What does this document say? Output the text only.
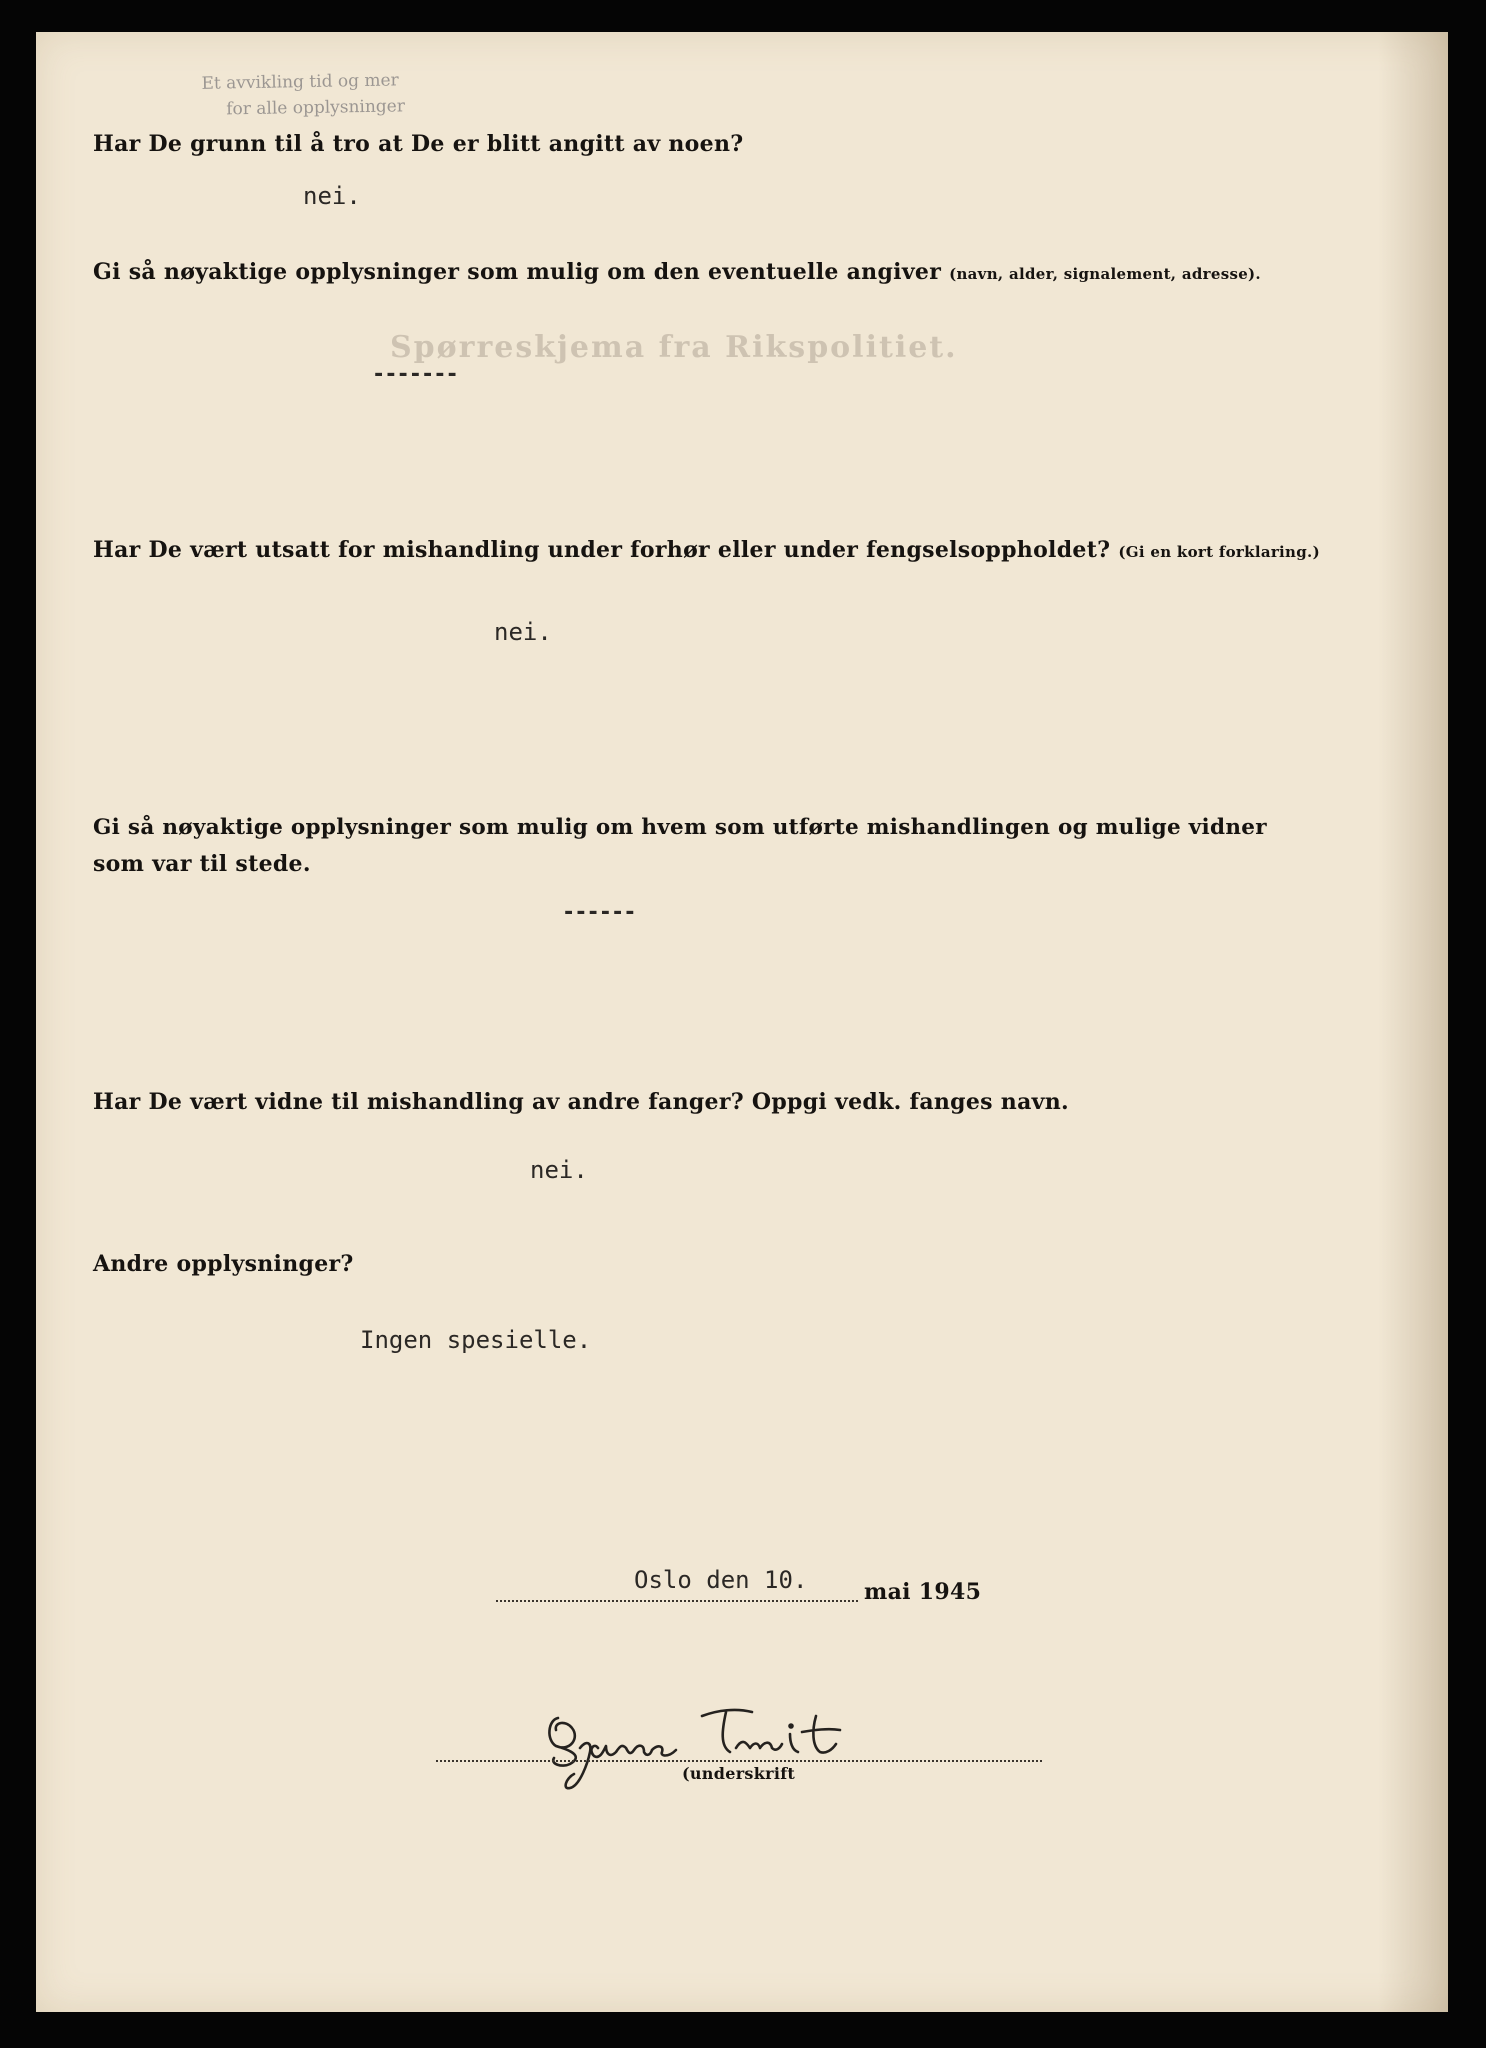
Et avvikling tid og mer
for alle opplysninger
Har De grunn til å tro at De er blitt angitt av noen?
nei.
Gi så nøyaktige opplysninger som mulig om den eventuelle angiver (navn, alder, signalement, adresse).
Spørreskjema fra Rikspolitiet.
-------
Har De vært utsatt for mishandling under forhør eller under fengselsoppholdet? (Gi en kort forklaring.)
nei.
Gi så nøyaktige opplysninger som mulig om hvem som utførte mishandlingen og mulige vidner
som var til stede.
------
Har De vært vidne til mishandling av andre fanger? Oppgi vedk. fanges navn.
nei.
Andre opplysninger?
Ingen spesielle.
Oslo den 10.	mai 1945
(underskrift
